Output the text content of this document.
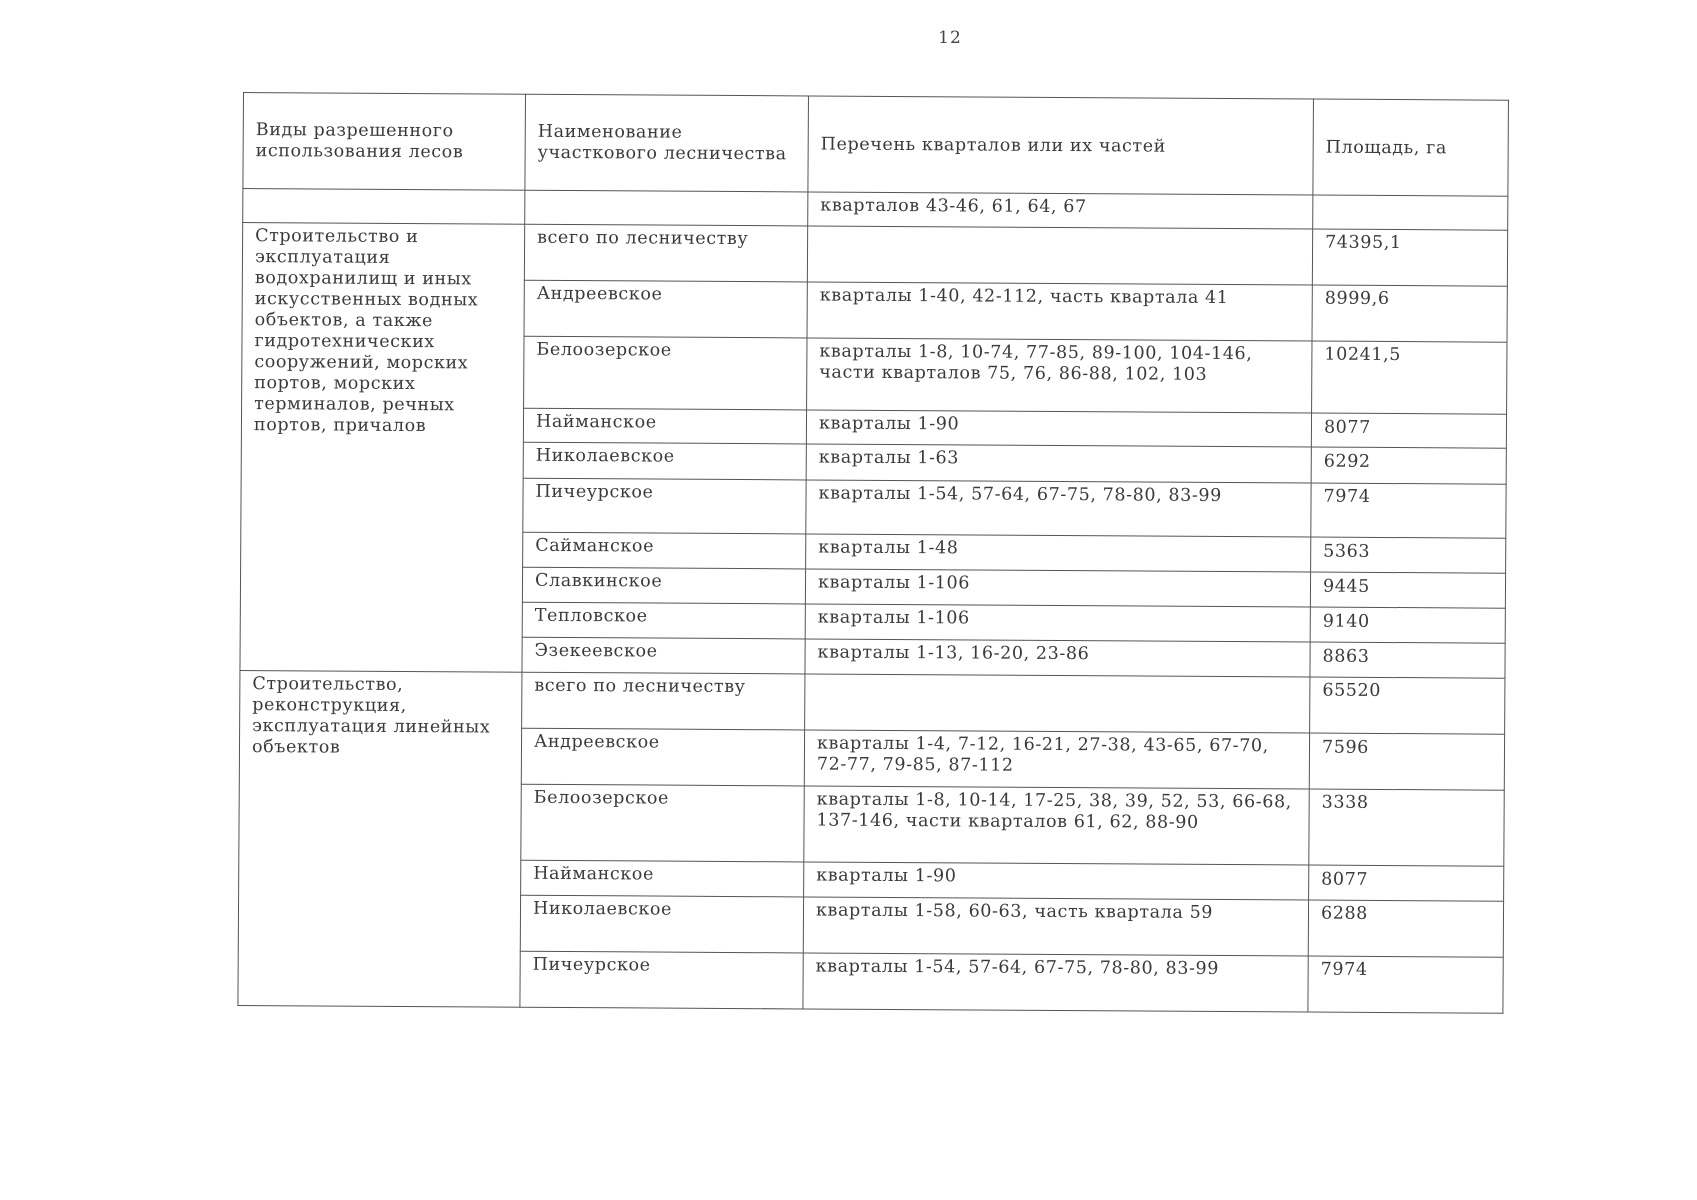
12
Виды разрешенного использования лесов	Наименование участкового лесничества	Перечень кварталов или их частей	Площадь, га
		кварталов 43-46, 61, 64, 67	
Строительство и эксплуатация водохранилищ и иных искусственных водных объектов, а также гидротехнических сооружений, морских портов, морских терминалов, речных портов, причалов	всего по лесничеству		74395,1
	Андреевское	кварталы 1-40, 42-112, часть квартала 41	8999,6
	Белоозерское	кварталы 1-8, 10-74, 77-85, 89-100, 104-146, части кварталов 75, 76, 86-88, 102, 103	10241,5
	Наймaнское	кварталы 1-90	8077
	Николаевское	кварталы 1-63	6292
	Пичеурское	кварталы 1-54, 57-64, 67-75, 78-80, 83-99	7974
	Сайманское	кварталы 1-48	5363
	Славкинское	кварталы 1-106	9445
	Тепловское	кварталы 1-106	9140
	Эзекеевское	кварталы 1-13, 16-20, 23-86	8863
Строительство, реконструкция, эксплуатация линейных объектов	всего по лесничеству		65520
	Андреевское	кварталы 1-4, 7-12, 16-21, 27-38, 43-65, 67-70, 72-77, 79-85, 87-112	7596
	Белоозерское	кварталы 1-8, 10-14, 17-25, 38, 39, 52, 53, 66-68, 137-146, части кварталов 61, 62, 88-90	3338
	Наймaнское	кварталы 1-90	8077
	Николаевское	кварталы 1-58, 60-63, часть квартала 59	6288
	Пичеурское	кварталы 1-54, 57-64, 67-75, 78-80, 83-99	7974
